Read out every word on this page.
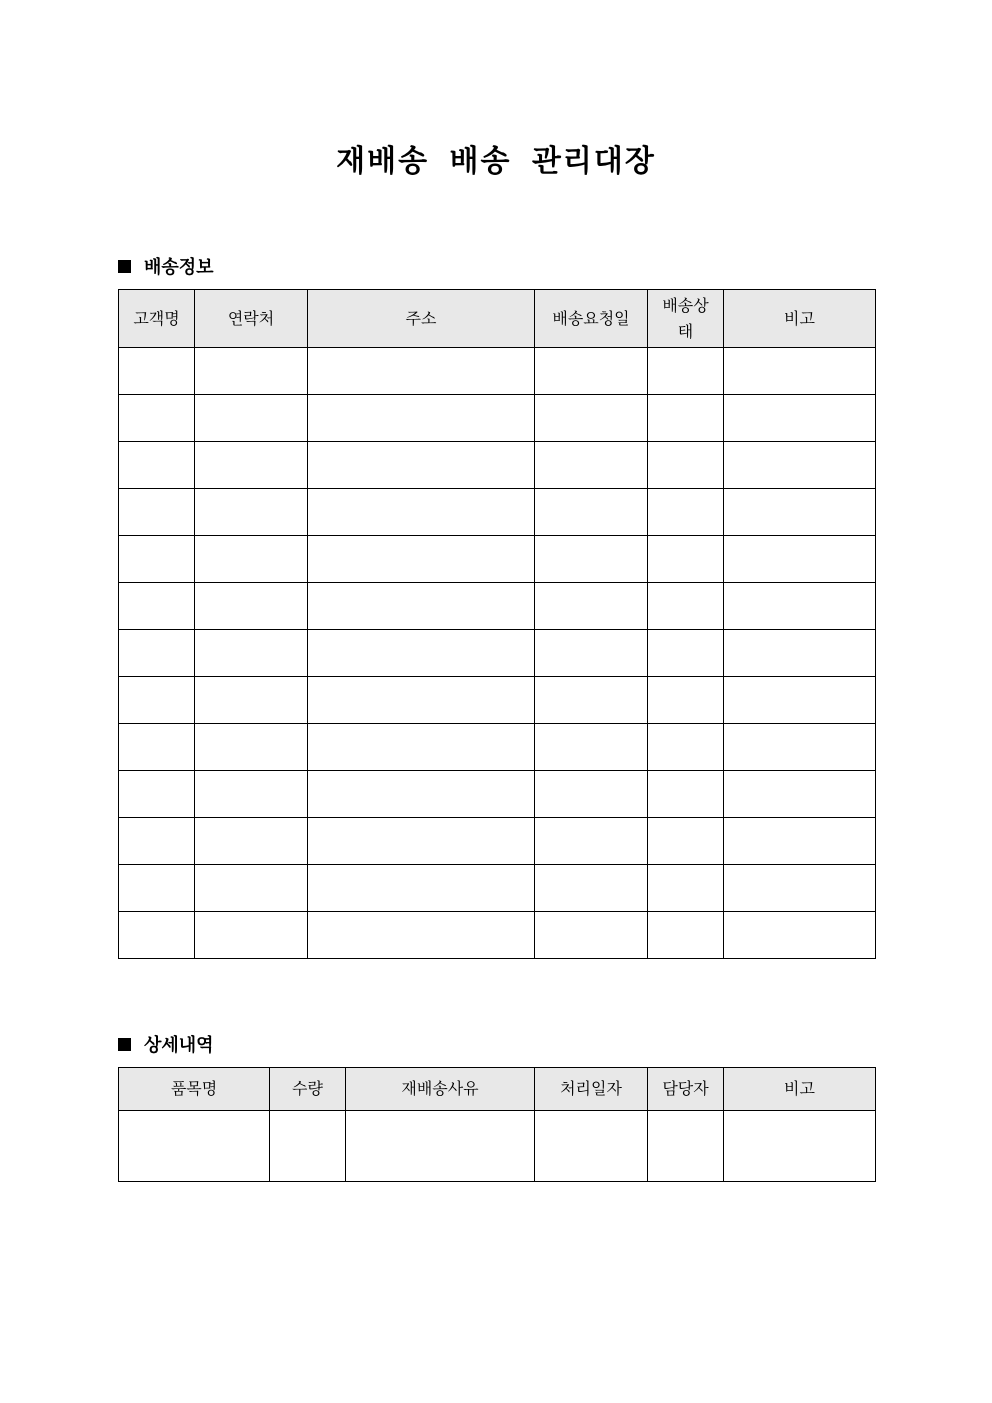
재배송 배송 관리대장
배송정보
고객명	연락처	주소	배송요청일	배송상태	비고

상세내역
품목명	수량	재배송사유	처리일자	담당자	비고
